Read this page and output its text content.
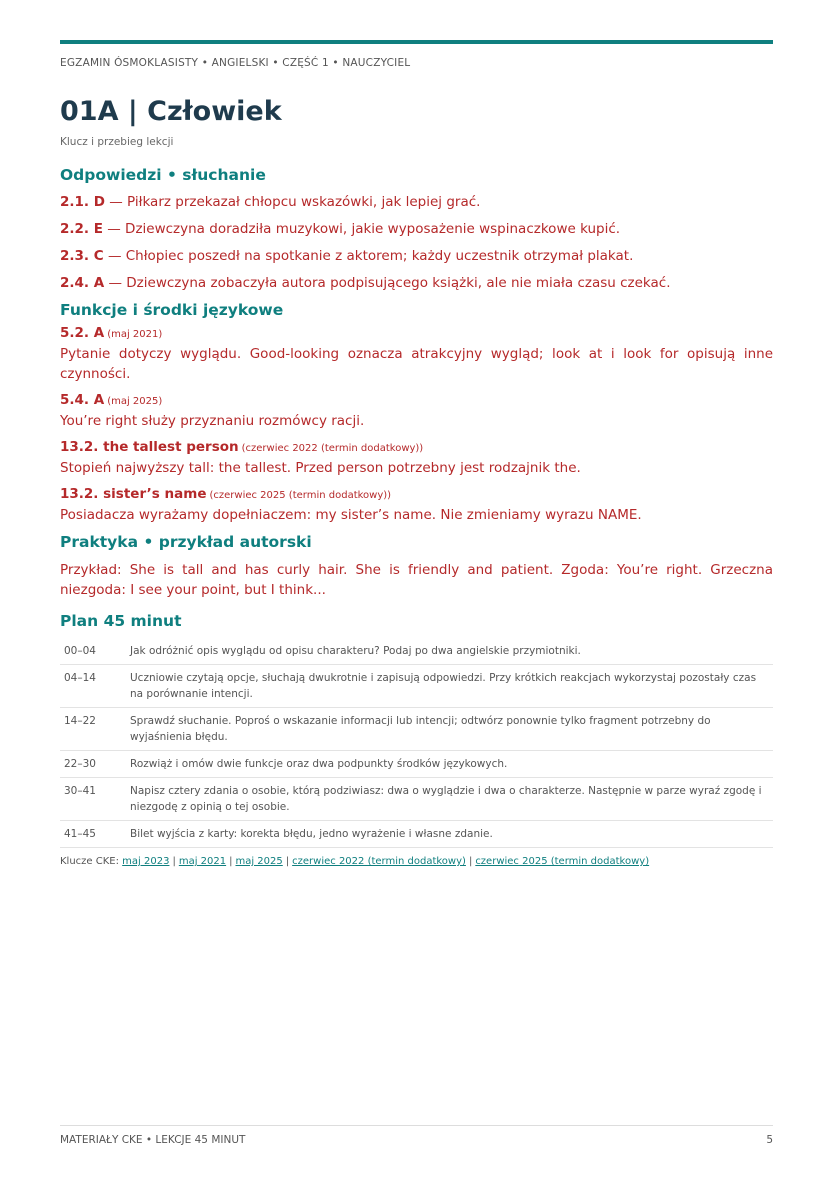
EGZAMIN ÓSMOKLASISTY • ANGIELSKI • CZĘŚĆ 1 • NAUCZYCIEL
01A | Człowiek
Klucz i przebieg lekcji
Odpowiedzi • słuchanie

2.1. D — Piłkarz przekazał chłopcu wskazówki, jak lepiej grać.

2.2. E — Dziewczyna doradziła muzykowi, jakie wyposażenie wspinaczkowe kupić.

2.3. C — Chłopiec poszedł na spotkanie z aktorem; każdy uczestnik otrzymał plakat.

2.4. A — Dziewczyna zobaczyła autora podpisującego książki, ale nie miała czasu czekać.

Funkcje i środki językowe
5.2. A (maj 2021)
Pytanie dotyczy wyglądu. Good-looking oznacza atrakcyjny wygląd; look at i look for opisują inne czynności.
5.4. A (maj 2025)
You’re right służy przyznaniu rozmówcy racji.
13.2. the tallest person (czerwiec 2022 (termin dodatkowy))
Stopień najwyższy tall: the tallest. Przed person potrzebny jest rodzajnik the.
13.2. sister’s name (czerwiec 2025 (termin dodatkowy))
Posiadacza wyrażamy dopełniaczem: my sister’s name. Nie zmieniamy wyrazu NAME.
Praktyka • przykład autorski
Przykład: She is tall and has curly hair. She is friendly and patient. Zgoda: You’re right. Grzeczna niezgoda: I see your point, but I think...
Plan 45 minut
00–04	Jak odróżnić opis wyglądu od opisu charakteru? Podaj po dwa angielskie przymiotniki.
04–14	Uczniowie czytają opcje, słuchają dwukrotnie i zapisują odpowiedzi. Przy krótkich reakcjach wykorzystaj pozostały czas na porównanie intencji.
14–22	Sprawdź słuchanie. Poproś o wskazanie informacji lub intencji; odtwórz ponownie tylko fragment potrzebny do wyjaśnienia błędu.
22–30	Rozwiąż i omów dwie funkcje oraz dwa podpunkty środków językowych.
30–41	Napisz cztery zdania o osobie, którą podziwiasz: dwa o wyglądzie i dwa o charakterze. Następnie w parze wyraź zgodę i niezgodę z opinią o tej osobie.
41–45	Bilet wyjścia z karty: korekta błędu, jedno wyrażenie i własne zdanie.
Klucze CKE: maj 2023 | maj 2021 | maj 2025 | czerwiec 2022 (termin dodatkowy) | czerwiec 2025 (termin dodatkowy)
MATERIAŁY CKE • LEKCJE 45 MINUT	5
